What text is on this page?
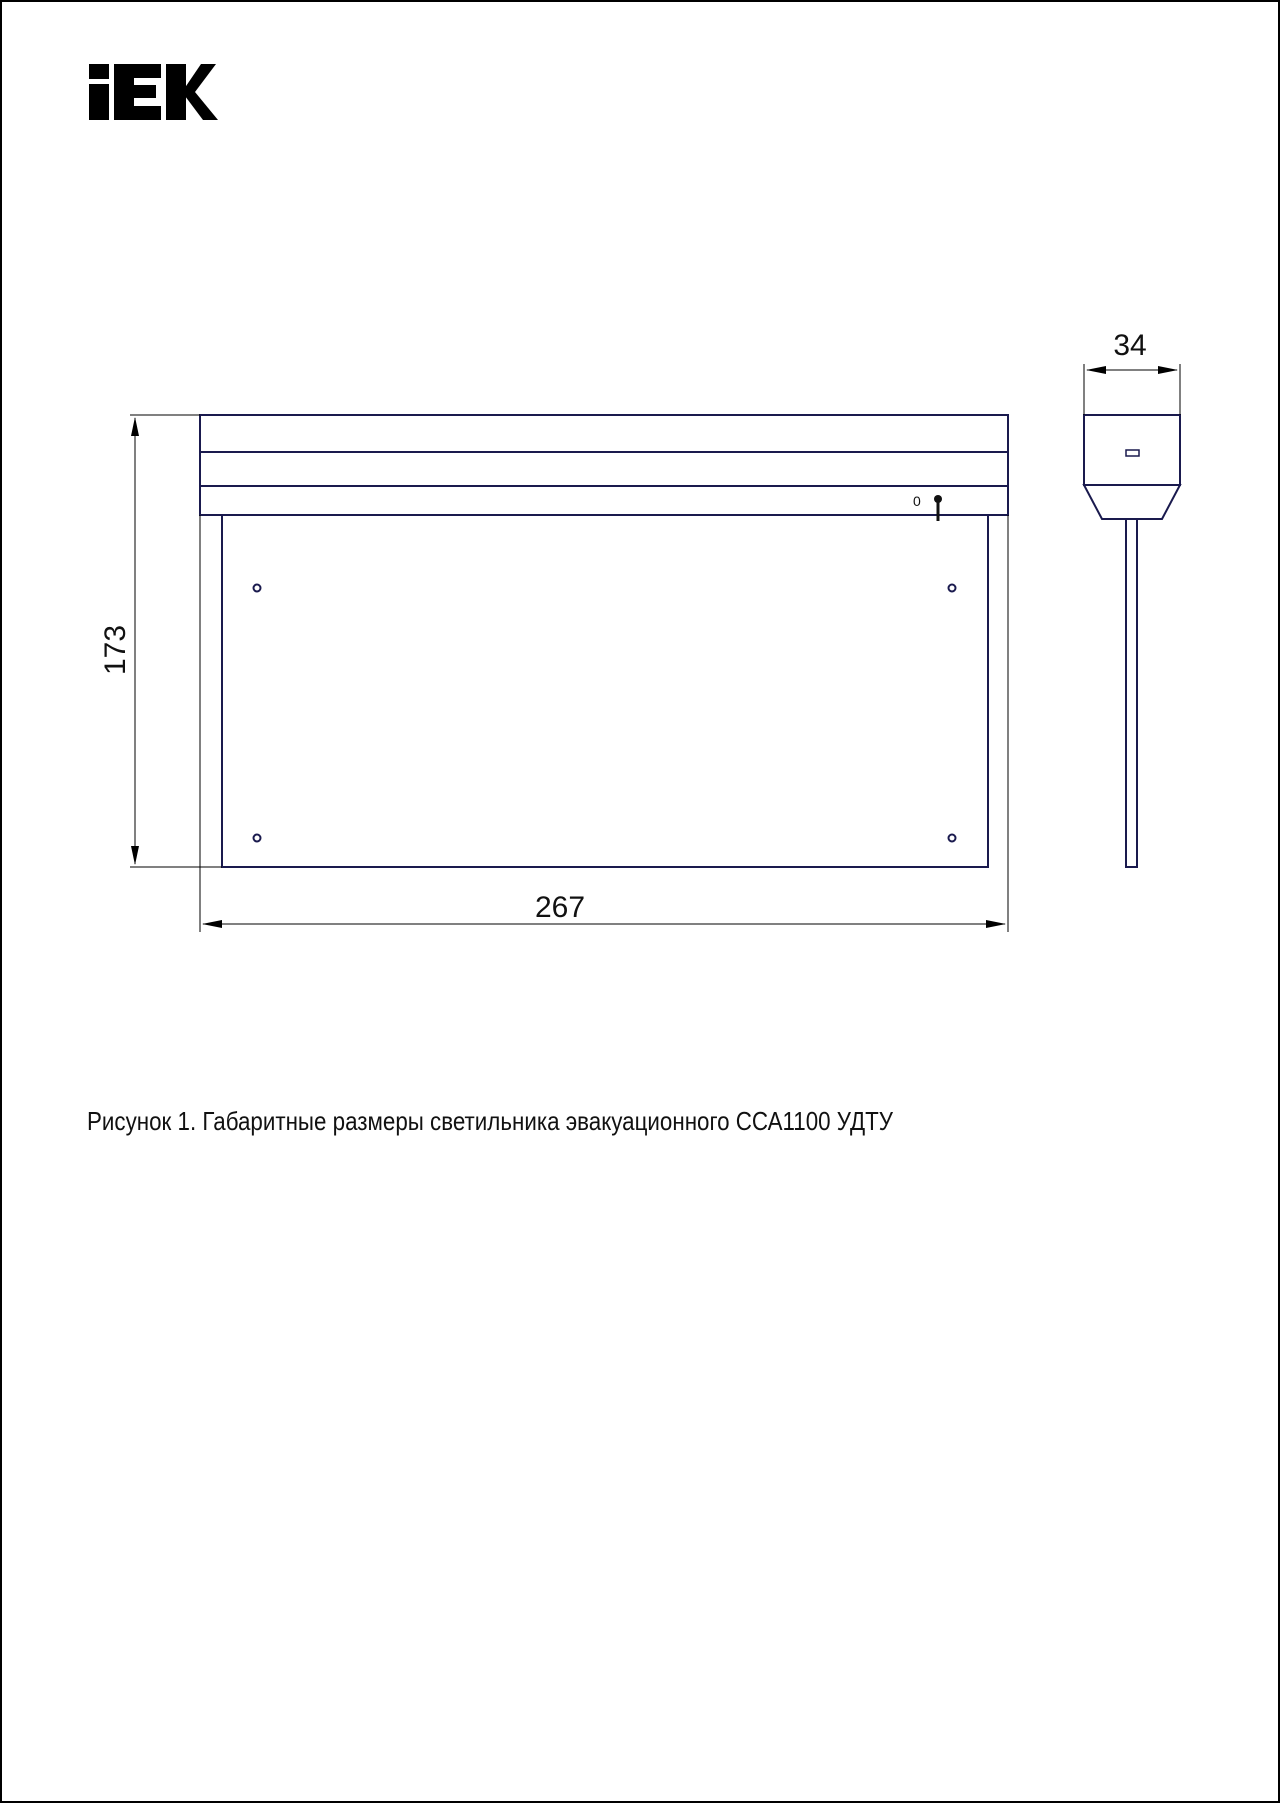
0
173
267
34
Рисунок 1. Габаритные размеры светильника эвакуационного ССА1100 УДТУ
